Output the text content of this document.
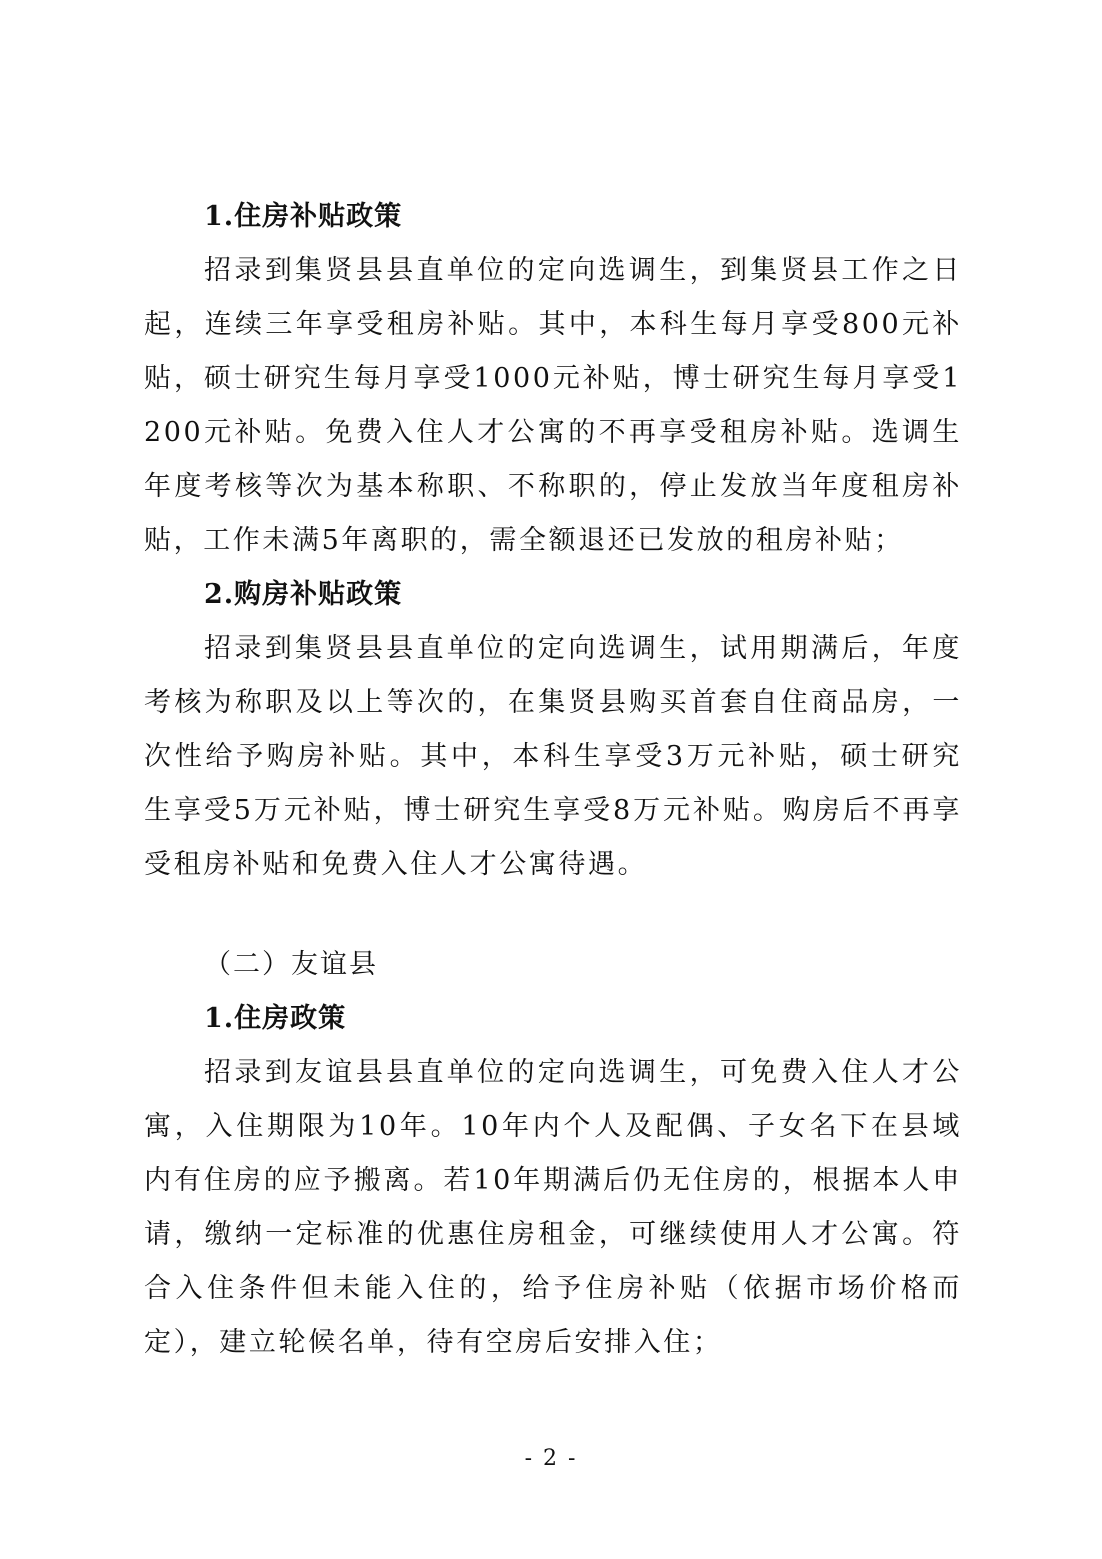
1.住房补贴政策

招录到集贤县县直单位的定向选调生，到集贤县工作之日起，连续三年享受租房补贴。其中，本科生每月享受800元补贴，硕士研究生每月享受1000元补贴，博士研究生每月享受1200元补贴。免费入住人才公寓的不再享受租房补贴。选调生年度考核等次为基本称职、不称职的，停止发放当年度租房补贴，工作未满5年离职的，需全额退还已发放的租房补贴；

2.购房补贴政策

招录到集贤县县直单位的定向选调生，试用期满后，年度考核为称职及以上等次的，在集贤县购买首套自住商品房，一次性给予购房补贴。其中，本科生享受3万元补贴，硕士研究生享受5万元补贴，博士研究生享受8万元补贴。购房后不再享受租房补贴和免费入住人才公寓待遇。

（二）友谊县

1.住房政策

招录到友谊县县直单位的定向选调生，可免费入住人才公寓，入住期限为10年。10年内个人及配偶、子女名下在县域内有住房的应予搬离。若10年期满后仍无住房的，根据本人申请，缴纳一定标准的优惠住房租金，可继续使用人才公寓。符合入住条件但未能入住的，给予住房补贴（依据市场价格而定），建立轮候名单，待有空房后安排入住；

- 2 -
